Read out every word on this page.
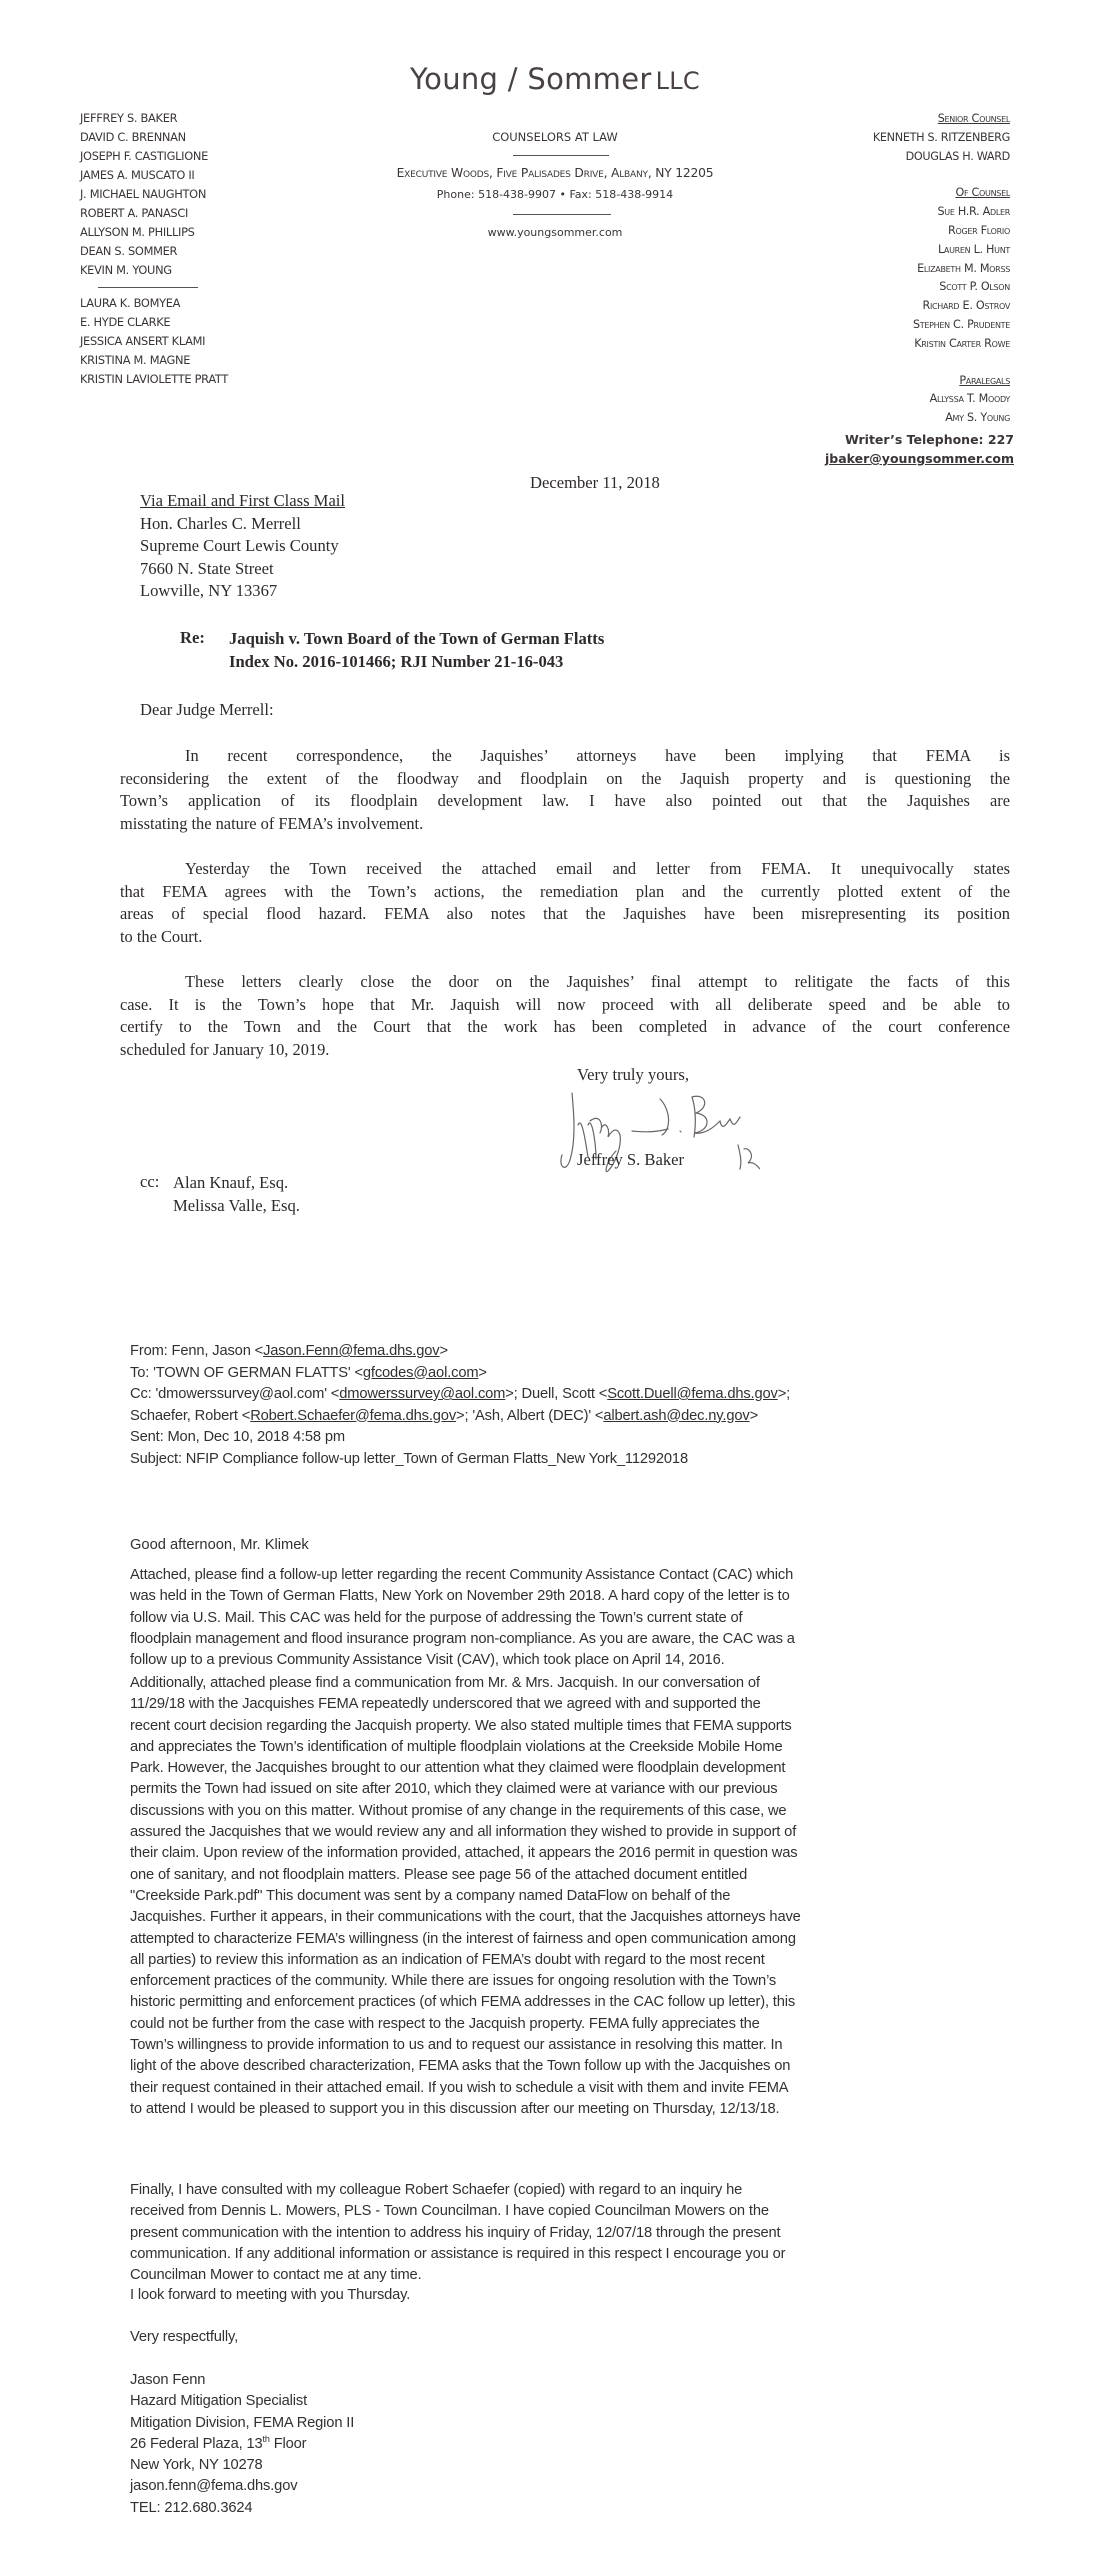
Young / Sommer LLC
COUNSELORS AT LAW
Executive Woods, Five Palisades Drive, Albany, NY 12205
Phone: 518-438-9907 • Fax: 518-438-9914
www.youngsommer.com
JEFFREY S. BAKER
DAVID C. BRENNAN
JOSEPH F. CASTIGLIONE
JAMES A. MUSCATO II
J. MICHAEL NAUGHTON
ROBERT A. PANASCI
ALLYSON M. PHILLIPS
DEAN S. SOMMER
KEVIN M. YOUNG
LAURA K. BOMYEA
E. HYDE CLARKE
JESSICA ANSERT KLAMI
KRISTINA M. MAGNE
KRISTIN LAVIOLETTE PRATT
Senior Counsel
KENNETH S. RITZENBERG
DOUGLAS H. WARD
Of Counsel
Sue H.R. Adler
Roger Florio
Lauren L. Hunt
Elizabeth M. Morss
Scott P. Olson
Richard E. Ostrov
Stephen C. Prudente
Kristin Carter Rowe
Paralegals
Allyssa T. Moody
Amy S. Young
Writer’s Telephone: 227
jbaker@youngsommer.com
December 11, 2018
Via Email and First Class Mail
Hon. Charles C. Merrell
Supreme Court Lewis County
7660 N. State Street
Lowville, NY 13367
Re: Jaquish v. Town Board of the Town of German Flatts
Index No. 2016-101466; RJI Number 21-16-043
Dear Judge Merrell:
In recent correspondence, the Jaquishes’ attorneys have been implying that FEMA is
reconsidering the extent of the floodway and floodplain on the Jaquish property and is questioning the
Town’s application of its floodplain development law. I have also pointed out that the Jaquishes are
misstating the nature of FEMA’s involvement.
Yesterday the Town received the attached email and letter from FEMA. It unequivocally states
that FEMA agrees with the Town’s actions, the remediation plan and the currently plotted extent of the
areas of special flood hazard. FEMA also notes that the Jaquishes have been misrepresenting its position
to the Court.
These letters clearly close the door on the Jaquishes’ final attempt to relitigate the facts of this
case. It is the Town’s hope that Mr. Jaquish will now proceed with all deliberate speed and be able to
certify to the Town and the Court that the work has been completed in advance of the court conference
scheduled for January 10, 2019.
Very truly yours,
Jeffrey S. Baker
cc: Alan Knauf, Esq.
Melissa Valle, Esq.
From: Fenn, Jason <Jason.Fenn@fema.dhs.gov>
To: 'TOWN OF GERMAN FLATTS' <gfcodes@aol.com>
Cc: 'dmowerssurvey@aol.com' <dmowerssurvey@aol.com>; Duell, Scott <Scott.Duell@fema.dhs.gov>;
Schaefer, Robert <Robert.Schaefer@fema.dhs.gov>; 'Ash, Albert (DEC)' <albert.ash@dec.ny.gov>
Sent: Mon, Dec 10, 2018 4:58 pm
Subject: NFIP Compliance follow-up letter_Town of German Flatts_New York_11292018
Good afternoon, Mr. Klimek
Attached, please find a follow-up letter regarding the recent Community Assistance Contact (CAC) which
was held in the Town of German Flatts, New York on November 29th 2018. A hard copy of the letter is to
follow via U.S. Mail. This CAC was held for the purpose of addressing the Town’s current state of
floodplain management and flood insurance program non-compliance. As you are aware, the CAC was a
follow up to a previous Community Assistance Visit (CAV), which took place on April 14, 2016.
Additionally, attached please find a communication from Mr. & Mrs. Jacquish. In our conversation of
11/29/18 with the Jacquishes FEMA repeatedly underscored that we agreed with and supported the
recent court decision regarding the Jacquish property. We also stated multiple times that FEMA supports
and appreciates the Town’s identification of multiple floodplain violations at the Creekside Mobile Home
Park. However, the Jacquishes brought to our attention what they claimed were floodplain development
permits the Town had issued on site after 2010, which they claimed were at variance with our previous
discussions with you on this matter. Without promise of any change in the requirements of this case, we
assured the Jacquishes that we would review any and all information they wished to provide in support of
their claim. Upon review of the information provided, attached, it appears the 2016 permit in question was
one of sanitary, and not floodplain matters. Please see page 56 of the attached document entitled
"Creekside Park.pdf" This document was sent by a company named DataFlow on behalf of the
Jacquishes. Further it appears, in their communications with the court, that the Jacquishes attorneys have
attempted to characterize FEMA’s willingness (in the interest of fairness and open communication among
all parties) to review this information as an indication of FEMA’s doubt with regard to the most recent
enforcement practices of the community. While there are issues for ongoing resolution with the Town’s
historic permitting and enforcement practices (of which FEMA addresses in the CAC follow up letter), this
could not be further from the case with respect to the Jacquish property. FEMA fully appreciates the
Town’s willingness to provide information to us and to request our assistance in resolving this matter. In
light of the above described characterization, FEMA asks that the Town follow up with the Jacquishes on
their request contained in their attached email. If you wish to schedule a visit with them and invite FEMA
to attend I would be pleased to support you in this discussion after our meeting on Thursday, 12/13/18.
Finally, I have consulted with my colleague Robert Schaefer (copied) with regard to an inquiry he
received from Dennis L. Mowers, PLS - Town Councilman. I have copied Councilman Mowers on the
present communication with the intention to address his inquiry of Friday, 12/07/18 through the present
communication. If any additional information or assistance is required in this respect I encourage you or
Councilman Mower to contact me at any time.
I look forward to meeting with you Thursday.
Very respectfully,
Jason Fenn
Hazard Mitigation Specialist
Mitigation Division, FEMA Region II
26 Federal Plaza, 13th Floor
New York, NY 10278
jason.fenn@fema.dhs.gov
TEL: 212.680.3624
